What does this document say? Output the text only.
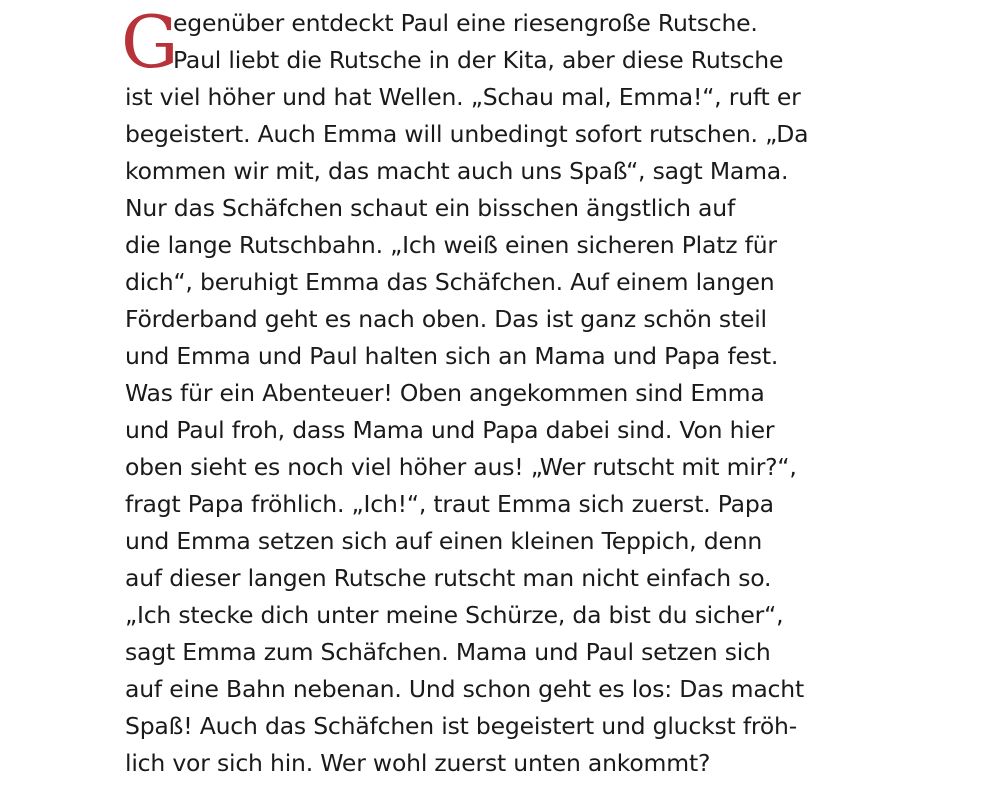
G
egenüber entdeckt Paul eine riesengroße Rutsche.
Paul liebt die Rutsche in der Kita, aber diese Rutsche
ist viel höher und hat Wellen. „Schau mal, Emma!“, ruft er
begeistert. Auch Emma will unbedingt sofort rutschen. „Da
kommen wir mit, das macht auch uns Spaß“, sagt Mama.
Nur das Schäfchen schaut ein bisschen ängstlich auf
die lange Rutschbahn. „Ich weiß einen sicheren Platz für
dich“, beruhigt Emma das Schäfchen. Auf einem langen
Förderband geht es nach oben. Das ist ganz schön steil
und Emma und Paul halten sich an Mama und Papa fest.
Was für ein Abenteuer! Oben angekommen sind Emma
und Paul froh, dass Mama und Papa dabei sind. Von hier
oben sieht es noch viel höher aus! „Wer rutscht mit mir?“,
fragt Papa fröhlich. „Ich!“, traut Emma sich zuerst. Papa
und Emma setzen sich auf einen kleinen Teppich, denn
auf dieser langen Rutsche rutscht man nicht einfach so.
„Ich stecke dich unter meine Schürze, da bist du sicher“,
sagt Emma zum Schäfchen. Mama und Paul setzen sich
auf eine Bahn nebenan. Und schon geht es los: Das macht
Spaß! Auch das Schäfchen ist begeistert und gluckst fröh-
lich vor sich hin. Wer wohl zuerst unten ankommt?
